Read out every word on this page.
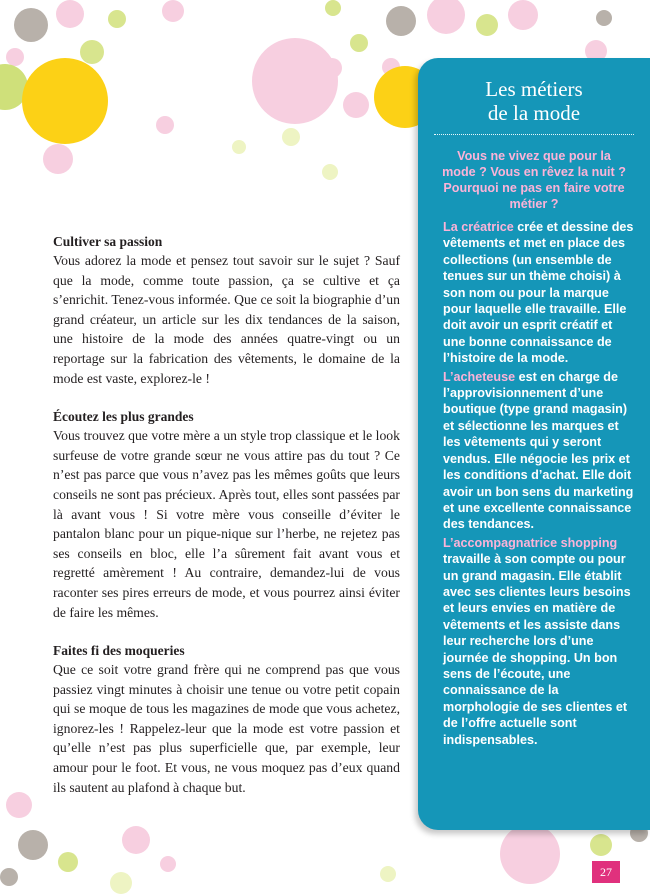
Cultiver sa passion

Vous adorez la mode et pensez tout savoir sur le sujet ? Sauf que la mode, comme toute passion, ça se cultive et ça s’enrichit. Tenez-vous informée. Que ce soit la biographie d’un grand créateur, un article sur les dix tendances de la saison, une histoire de la mode des années quatre-vingt ou un reportage sur la fabrication des vêtements, le domaine de la mode est vaste, explorez-le !

Écoutez les plus grandes

Vous trouvez que votre mère a un style trop classique et le look surfeuse de votre grande sœur ne vous attire pas du tout ? Ce n’est pas parce que vous n’avez pas les mêmes goûts que leurs conseils ne sont pas précieux. Après tout, elles sont passées par là avant vous ! Si votre mère vous conseille d’éviter le pantalon blanc pour un pique-nique sur l’herbe, ne rejetez pas ses conseils en bloc, elle l’a sûrement fait avant vous et regretté amèrement ! Au contraire, demandez-lui de vous raconter ses pires erreurs de mode, et vous pourrez ainsi éviter de faire les mêmes.

Faites fi des moqueries

Que ce soit votre grand frère qui ne comprend pas que vous passiez vingt minutes à choisir une tenue ou votre petit copain qui se moque de tous les magazines de mode que vous achetez, ignorez-les ! Rappelez-leur que la mode est votre passion et qu’elle n’est pas plus superficielle que, par exemple, leur amour pour le foot. Et vous, ne vous moquez pas d’eux quand ils sautent au plafond à chaque but.

Les métiers
de la mode
Vous ne vivez que pour la mode ? Vous en rêvez la nuit ? Pourquoi ne pas en faire votre métier ?
La créatrice crée et dessine des vêtements et met en place des collections (un ensemble de tenues sur un thème choisi) à son nom ou pour la marque pour laquelle elle travaille. Elle doit avoir un esprit créatif et une bonne connaissance de l’histoire de la mode.
L’acheteuse est en charge de l’approvisionnement d’une boutique (type grand magasin) et sélectionne les marques et les vêtements qui y seront vendus. Elle négocie les prix et les conditions d’achat. Elle doit avoir un bon sens du marketing et une excellente connaissance des tendances.
L’accompagnatrice shopping travaille à son compte ou pour un grand magasin. Elle établit avec ses clientes leurs besoins et leurs envies en matière de vêtements et les assiste dans leur recherche lors d’une journée de shopping. Un bon sens de l’écoute, une connaissance de la morphologie de ses clientes et de l’offre actuelle sont indispensables.
27
